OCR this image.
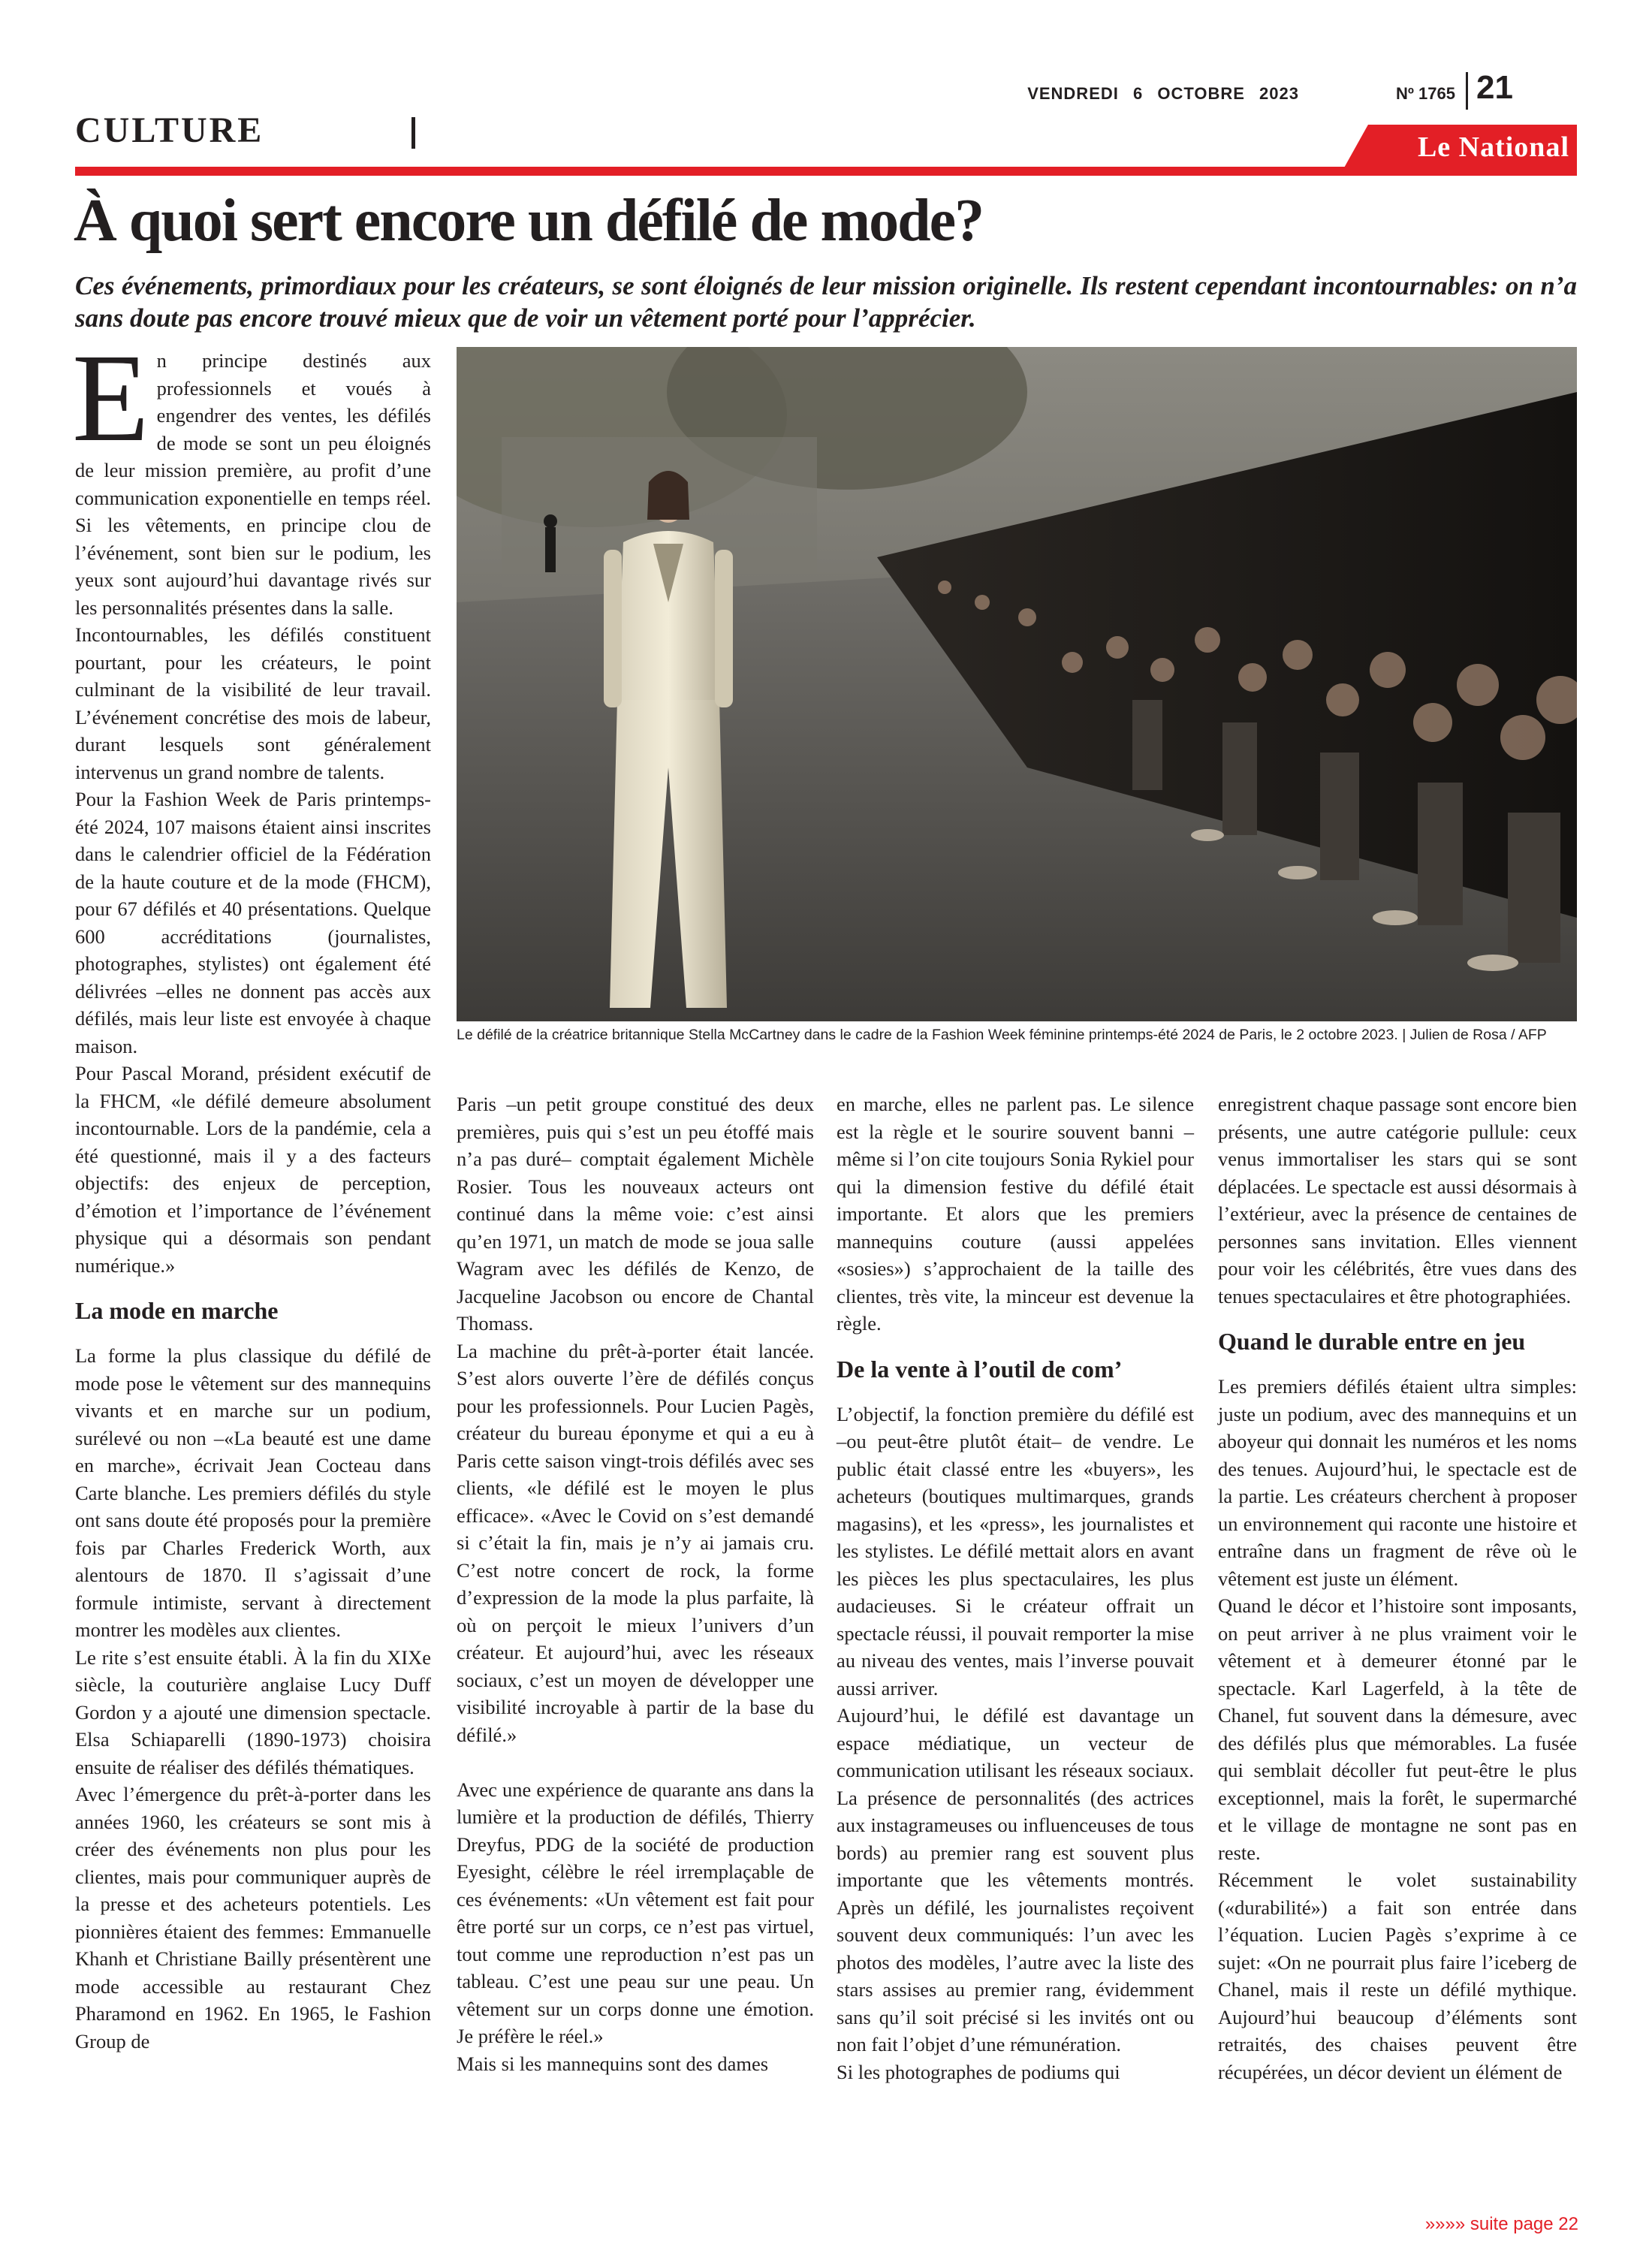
VENDREDI 6 OCTOBRE 2023	Nº 1765 21
CULTURE	Le National
À quoi sert encore un défilé de mode?
Ces événements, primordiaux pour les créateurs, se sont éloignés de leur mission originelle. Ils restent cependant incontournables: on n’a sans doute pas encore trouvé mieux que de voir un vêtement porté pour l’apprécier.
Le défilé de la créatrice britannique Stella McCartney dans le cadre de la Fashion Week féminine printemps-été 2024 de Paris, le 2 octobre 2023. | Julien de Rosa / AFP

En principe destinés aux professionnels et voués à engendrer des ventes, les défilés de mode se sont un peu éloignés de leur mission première, au profit d’une communication exponentielle en temps réel. Si les vêtements, en principe clou de l’événement, sont bien sur le podium, les yeux sont aujourd’hui davantage rivés sur les personnalités présentes dans la salle.

Incontournables, les défilés constituent pourtant, pour les créateurs, le point culminant de la visibilité de leur travail. L’événement concrétise des mois de labeur, durant lesquels sont généralement intervenus un grand nombre de talents.

Pour la Fashion Week de Paris printemps-été 2024, 107 maisons étaient ainsi inscrites dans le calendrier officiel de la Fédération de la haute couture et de la mode (FHCM), pour 67 défilés et 40 présentations. Quelque 600 accréditations (journalistes, photographes, stylistes) ont également été délivrées –elles ne donnent pas accès aux défilés, mais leur liste est envoyée à chaque maison.

Pour Pascal Morand, président exécutif de la FHCM, «le défilé demeure absolument incontournable. Lors de la pandémie, cela a été questionné, mais il y a des facteurs objectifs: des enjeux de perception, d’émotion et l’importance de l’événement physique qui a désormais son pendant numérique.»

La mode en marche

La forme la plus classique du défilé de mode pose le vêtement sur des mannequins vivants et en marche sur un podium, surélevé ou non –«La beauté est une dame en marche», écrivait Jean Cocteau dans Carte blanche. Les premiers défilés du style ont sans doute été proposés pour la première fois par Charles Frederick Worth, aux alentours de 1870. Il s’agissait d’une formule intimiste, servant à directement montrer les modèles aux clientes.

Le rite s’est ensuite établi. À la fin du XIXe siècle, la couturière anglaise Lucy Duff Gordon y a ajouté une dimension spectacle. Elsa Schiaparelli (1890-1973) choisira ensuite de réaliser des défilés thématiques.

Avec l’émergence du prêt-à-porter dans les années 1960, les créateurs se sont mis à créer des événements non plus pour les clientes, mais pour communiquer auprès de la presse et des acheteurs potentiels. Les pionnières étaient des femmes: Emmanuelle Khanh et Christiane Bailly présentèrent une mode accessible au restaurant Chez Pharamond en 1962. En 1965, le Fashion Group de

Paris –un petit groupe constitué des deux premières, puis qui s’est un peu étoffé mais n’a pas duré– comptait également Michèle Rosier. Tous les nouveaux acteurs ont continué dans la même voie: c’est ainsi qu’en 1971, un match de mode se joua salle Wagram avec les défilés de Kenzo, de Jacqueline Jacobson ou encore de Chantal Thomass.

La machine du prêt-à-porter était lancée. S’est alors ouverte l’ère de défilés conçus pour les professionnels. Pour Lucien Pagès, créateur du bureau éponyme et qui a eu à Paris cette saison vingt-trois défilés avec ses clients, «le défilé est le moyen le plus efficace». «Avec le Covid on s’est demandé si c’était la fin, mais je n’y ai jamais cru. C’est notre concert de rock, la forme d’expression de la mode la plus parfaite, là où on perçoit le mieux l’univers d’un créateur. Et aujourd’hui, avec les réseaux sociaux, c’est un moyen de développer une visibilité incroyable à partir de la base du défilé.»

Avec une expérience de quarante ans dans la lumière et la production de défilés, Thierry Dreyfus, PDG de la société de production Eyesight, célèbre le réel irremplaçable de ces événements: «Un vêtement est fait pour être porté sur un corps, ce n’est pas virtuel, tout comme une reproduction n’est pas un tableau. C’est une peau sur une peau. Un vêtement sur un corps donne une émotion. Je préfère le réel.»

Mais si les mannequins sont des dames

en marche, elles ne parlent pas. Le silence est la règle et le sourire souvent banni –même si l’on cite toujours Sonia Rykiel pour qui la dimension festive du défilé était importante. Et alors que les premiers mannequins couture (aussi appelées «sosies») s’approchaient de la taille des clientes, très vite, la minceur est devenue la règle.

De la vente à l’outil de com’

L’objectif, la fonction première du défilé est –ou peut-être plutôt était– de vendre. Le public était classé entre les «buyers», les acheteurs (boutiques multimarques, grands magasins), et les «press», les journalistes et les stylistes. Le défilé mettait alors en avant les pièces les plus spectaculaires, les plus audacieuses. Si le créateur offrait un spectacle réussi, il pouvait remporter la mise au niveau des ventes, mais l’inverse pouvait aussi arriver.

Aujourd’hui, le défilé est davantage un espace médiatique, un vecteur de communication utilisant les réseaux sociaux. La présence de personnalités (des actrices aux instagrameuses ou influenceuses de tous bords) au premier rang est souvent plus importante que les vêtements montrés. Après un défilé, les journalistes reçoivent souvent deux communiqués: l’un avec les photos des modèles, l’autre avec la liste des stars assises au premier rang, évidemment sans qu’il soit précisé si les invités ont ou non fait l’objet d’une rémunération.

Si les photographes de podiums qui

enregistrent chaque passage sont encore bien présents, une autre catégorie pullule: ceux venus immortaliser les stars qui se sont déplacées. Le spectacle est aussi désormais à l’extérieur, avec la présence de centaines de personnes sans invitation. Elles viennent pour voir les célébrités, être vues dans des tenues spectaculaires et être photographiées.

Quand le durable entre en jeu

Les premiers défilés étaient ultra simples: juste un podium, avec des mannequins et un aboyeur qui donnait les numéros et les noms des tenues. Aujourd’hui, le spectacle est de la partie. Les créateurs cherchent à proposer un environnement qui raconte une histoire et entraîne dans un fragment de rêve où le vêtement est juste un élément.

Quand le décor et l’histoire sont imposants, on peut arriver à ne plus vraiment voir le vêtement et à demeurer étonné par le spectacle. Karl Lagerfeld, à la tête de Chanel, fut souvent dans la démesure, avec des défilés plus que mémorables. La fusée qui semblait décoller fut peut-être le plus exceptionnel, mais la forêt, le supermarché et le village de montagne ne sont pas en reste.

Récemment le volet sustainability («durabilité») a fait son entrée dans l’équation. Lucien Pagès s’exprime à ce sujet: «On ne pourrait plus faire l’iceberg de Chanel, mais il reste un défilé mythique. Aujourd’hui beaucoup d’éléments sont retraités, des chaises peuvent être récupérées, un décor devient un élément de

»»»» suite page 22
